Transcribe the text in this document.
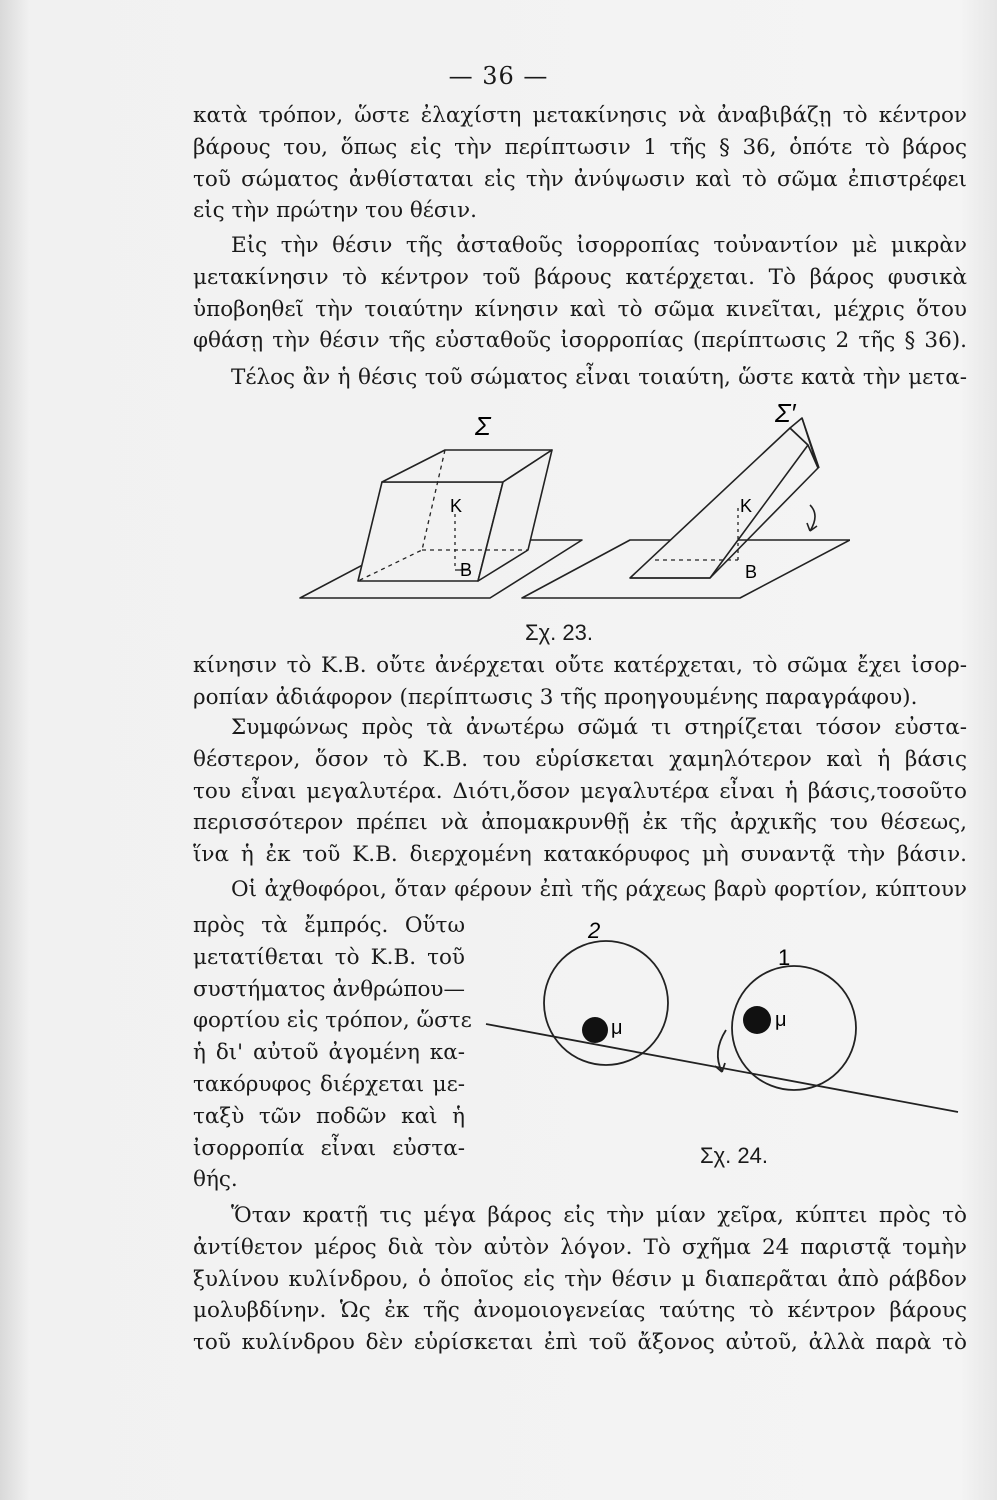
— 36 —
κατὰ τρόπον, ὥστε ἐλαχίστη μετακίνησις νὰ ἀναβιβάζῃ τὸ κέντρον
βάρους του, ὅπως εἰς τὴν περίπτωσιν 1 τῆς § 36, ὁπότε τὸ βάρος
τοῦ σώματος ἀνθίσταται εἰς τὴν ἀνύψωσιν καὶ τὸ σῶμα ἐπιστρέφει
εἰς τὴν πρώτην του θέσιν.
Εἰς τὴν θέσιν τῆς ἀσταθοῦς ἰσορροπίας τοὐναντίον μὲ μικρὰν
μετακίνησιν τὸ κέντρον τοῦ βάρους κατέρχεται. Τὸ βάρος φυσικὰ
ὑποβοηθεῖ τὴν τοιαύτην κίνησιν καὶ τὸ σῶμα κινεῖται, μέχρις ὅτου
φθάσῃ τὴν θέσιν τῆς εὐσταθοῦς ἰσορροπίας (περίπτωσις 2 τῆς § 36).
Τέλος ἂν ἡ θέσις τοῦ σώματος εἶναι τοιαύτη, ὥστε κατὰ τὴν μετα-
Σ	Σ′
K
B
K
B
Σχ. 23.
κίνησιν τὸ Κ.Β. οὔτε ἀνέρχεται οὔτε κατέρχεται, τὸ σῶμα ἔχει ἰσορ-
ροπίαν ἀδιάφορον (περίπτωσις 3 τῆς προηγουμένης παραγράφου).
Συμφώνως πρὸς τὰ ἀνωτέρω σῶμά τι στηρίζεται τόσον εὐστα-
θέστερον, ὅσον τὸ Κ.Β. του εὑρίσκεται χαμηλότερον καὶ ἡ βάσις
του εἶναι μεγαλυτέρα. Διότι,ὅσον μεγαλυτέρα εἶναι ἡ βάσις,τοσοῦτο
περισσότερον πρέπει νὰ ἀπομακρυνθῇ ἐκ τῆς ἀρχικῆς του θέσεως,
ἵνα ἡ ἐκ τοῦ Κ.Β. διερχομένη κατακόρυφος μὴ συναντᾷ τὴν βάσιν.
Οἱ ἀχθοφόροι, ὅταν φέρουν ἐπὶ τῆς ράχεως βαρὺ φορτίον, κύπτουν
πρὸς τὰ ἔμπρός. Οὕτω
μετατίθεται τὸ Κ.Β. τοῦ
συστήματος ἀνθρώπου—
φορτίου εἰς τρόπον, ὥστε
ἡ δι' αὐτοῦ ἀγομένη κα-
τακόρυφος διέρχεται με-
ταξὺ τῶν ποδῶν καὶ ἡ
ἰσορροπία εἶναι εὐστα-
θής.
2
1
μ	μ
Σχ. 24.
Ὅταν κρατῇ τις μέγα βάρος εἰς τὴν μίαν χεῖρα, κύπτει πρὸς τὸ
ἀντίθετον μέρος διὰ τὸν αὐτὸν λόγον. Τὸ σχῆμα 24 παριστᾷ τομὴν
ξυλίνου κυλίνδρου, ὁ ὁποῖος εἰς τὴν θέσιν μ διαπερᾶται ἀπὸ ράβδον
μολυβδίνην. Ὡς ἐκ τῆς ἀνομοιογενείας ταύτης τὸ κέντρον βάρους
τοῦ κυλίνδρου δὲν εὑρίσκεται ἐπὶ τοῦ ἄξονος αὐτοῦ, ἀλλὰ παρὰ τὸ
